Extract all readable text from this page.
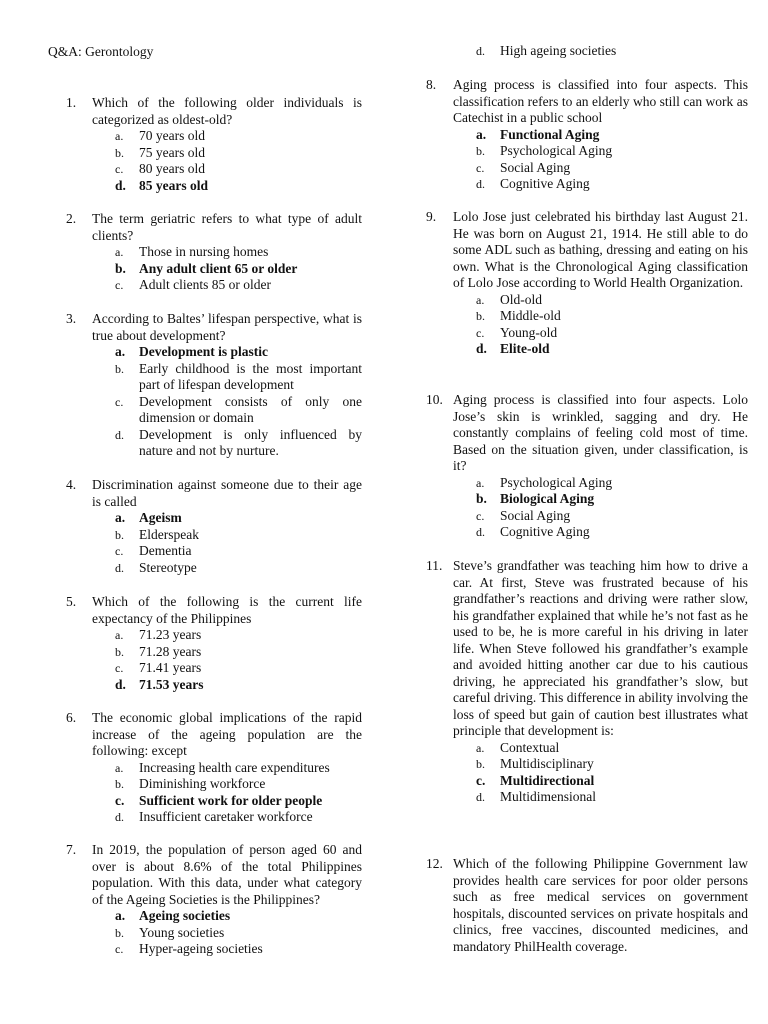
Q&A: Gerontology
1. Which of the following older individuals is categorized as oldest-old?
a. 70 years old
b. 75 years old
c. 80 years old
d. 85 years old
2. The term geriatric refers to what type of adult clients?
a. Those in nursing homes
b. Any adult client 65 or older
c. Adult clients 85 or older
3. According to Baltes’ lifespan perspective, what is true about development?
a. Development is plastic
b. Early childhood is the most important part of lifespan development
c. Development consists of only one dimension or domain
d. Development is only influenced by nature and not by nurture.
4. Discrimination against someone due to their age is called
a. Ageism
b. Elderspeak
c. Dementia
d. Stereotype
5. Which of the following is the current life expectancy of the Philippines
a. 71.23 years
b. 71.28 years
c. 71.41 years
d. 71.53 years
6. The economic global implications of the rapid increase of the ageing population are the following: except
a. Increasing health care expenditures
b. Diminishing workforce
c. Sufficient work for older people
d. Insufficient caretaker workforce
7. In 2019, the population of person aged 60 and over is about 8.6% of the total Philippines population. With this data, under what category of the Ageing Societies is the Philippines?
a. Ageing societies
b. Young societies
c. Hyper-ageing societies
d. High ageing societies
8. Aging process is classified into four aspects. This classification refers to an elderly who still can work as Catechist in a public school
a. Functional Aging
b. Psychological Aging
c. Social Aging
d. Cognitive Aging
9. Lolo Jose just celebrated his birthday last August 21. He was born on August 21, 1914. He still able to do some ADL such as bathing, dressing and eating on his own. What is the Chronological Aging classification of Lolo Jose according to World Health Organization.
a. Old-old
b. Middle-old
c. Young-old
d. Elite-old
10. Aging process is classified into four aspects. Lolo Jose’s skin is wrinkled, sagging and dry. He constantly complains of feeling cold most of time. Based on the situation given, under classification, is it?
a. Psychological Aging
b. Biological Aging
c. Social Aging
d. Cognitive Aging
11. Steve’s grandfather was teaching him how to drive a car. At first, Steve was frustrated because of his grandfather’s reactions and driving were rather slow, his grandfather explained that while he’s not fast as he used to be, he is more careful in his driving in later life. When Steve followed his grandfather’s example and avoided hitting another car due to his cautious driving, he appreciated his grandfather’s slow, but careful driving. This difference in ability involving the loss of speed but gain of caution best illustrates what principle that development is:
a. Contextual
b. Multidisciplinary
c. Multidirectional
d. Multidimensional
12. Which of the following Philippine Government law provides health care services for poor older persons such as free medical services on government hospitals, discounted services on private hospitals and clinics, free vaccines, discounted medicines, and mandatory PhilHealth coverage.
